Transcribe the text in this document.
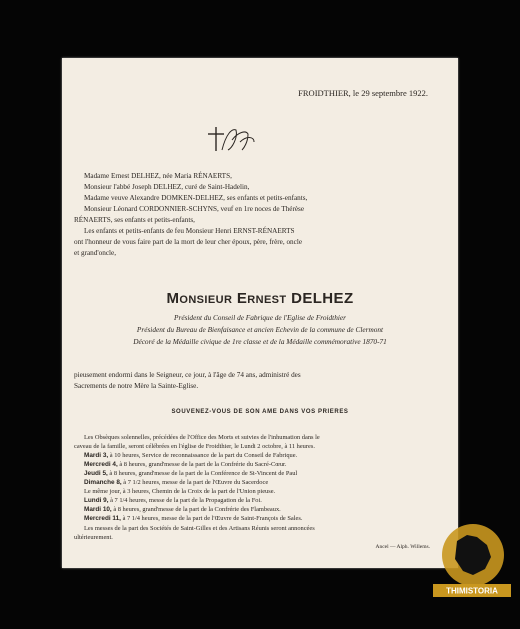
FROIDTHIER, le 29 septembre 1922.
Madame Ernest DELHEZ, née Maria RÉNAERTS,
Monsieur l'abbé Joseph DELHEZ, curé de Saint-Hadelin,
Madame veuve Alexandre DOMKEN-DELHEZ, ses enfants et petits-enfants,
Monsieur Léonard CORDONNIER-SCHYNS, veuf en 1re noces de Thérèse
RÉNAERTS, ses enfants et petits-enfants,
Les enfants et petits-enfants de feu Monsieur Henri ERNST-RÉNAERTS
ont l'honneur de vous faire part de la mort de leur cher époux, père, frère, oncle
et grand'oncle,
Monsieur Ernest DELHEZ
Président du Conseil de Fabrique de l'Eglise de Froidthier
Président du Bureau de Bienfaisance et ancien Echevin de la commune de Clermont
Décoré de la Médaille civique de 1re classe et de la Médaille commémorative 1870-71
pieusement endormi dans le Seigneur, ce jour, à l'âge de 74 ans, administré des
Sacrements de notre Mère la Sainte-Eglise.
SOUVENEZ-VOUS DE SON AME DANS VOS PRIERES
Les Obsèques solennelles, précédées de l'Office des Morts et suivies de l'inhumation dans le
caveau de la famille, seront célébrées en l'église de Froidthier, le Lundi 2 octobre, à 11 heures.
Mardi 3, à 10 heures, Service de reconnaissance de la part du Conseil de Fabrique.
Mercredi 4, à 8 heures, grand'messe de la part de la Confrérie du Sacré-Cœur.
Jeudi 5, à 8 heures, grand'messe de la part de la Conférence de St-Vincent de Paul
Dimanche 8, à 7 1/2 heures, messe de la part de l'Œuvre du Sacerdoce
Le même jour, à 3 heures, Chemin de la Croix de la part de l'Union pieuse.
Lundi 9, à 7 1/4 heures, messe de la part de la Propagation de la Foi.
Mardi 10, à 8 heures, grand'messe de la part de la Confrérie des Flambeaux.
Mercredi 11, à 7 1/4 heures, messe de la part de l'Œuvre de Saint-François de Sales.
Les messes de la part des Sociétés de Saint-Gilles et des Artisans Réunis seront annoncées
ultérieurement.
Ancel — Alph. Willems.
THIMISTORIA
